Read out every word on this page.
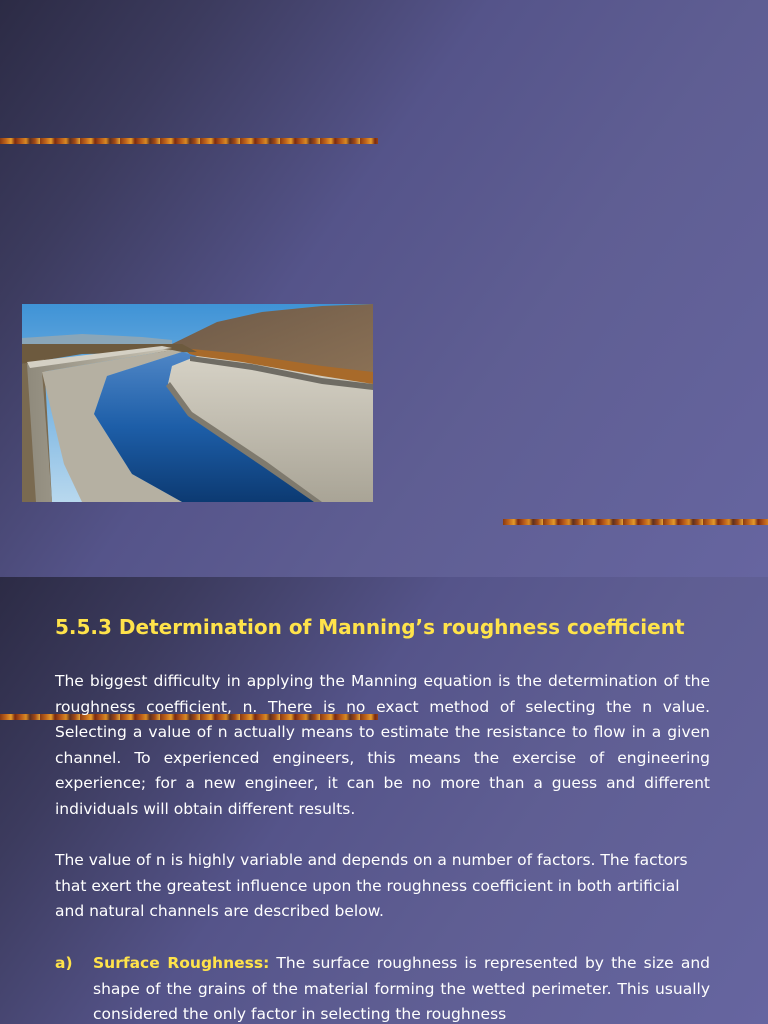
5.5.3 Determination of Manning’s roughness coefficient

The biggest difficulty in applying the Manning equation is the determination of the roughness coefficient, n. There is no exact method of selecting the n value. Selecting a value of n actually means to estimate the resistance to flow in a given channel. To experienced engineers, this means the exercise of engineering experience; for a new engineer, it can be no more than a guess and different individuals will obtain different results.

The value of n is highly variable and depends on a number of factors. The factors that exert the greatest influence upon the roughness coefficient in both artificial and natural channels are described below.

a) Surface Roughness: The surface roughness is represented by the size and shape of the grains of the material forming the wetted perimeter. This usually considered the only factor in selecting the roughness
